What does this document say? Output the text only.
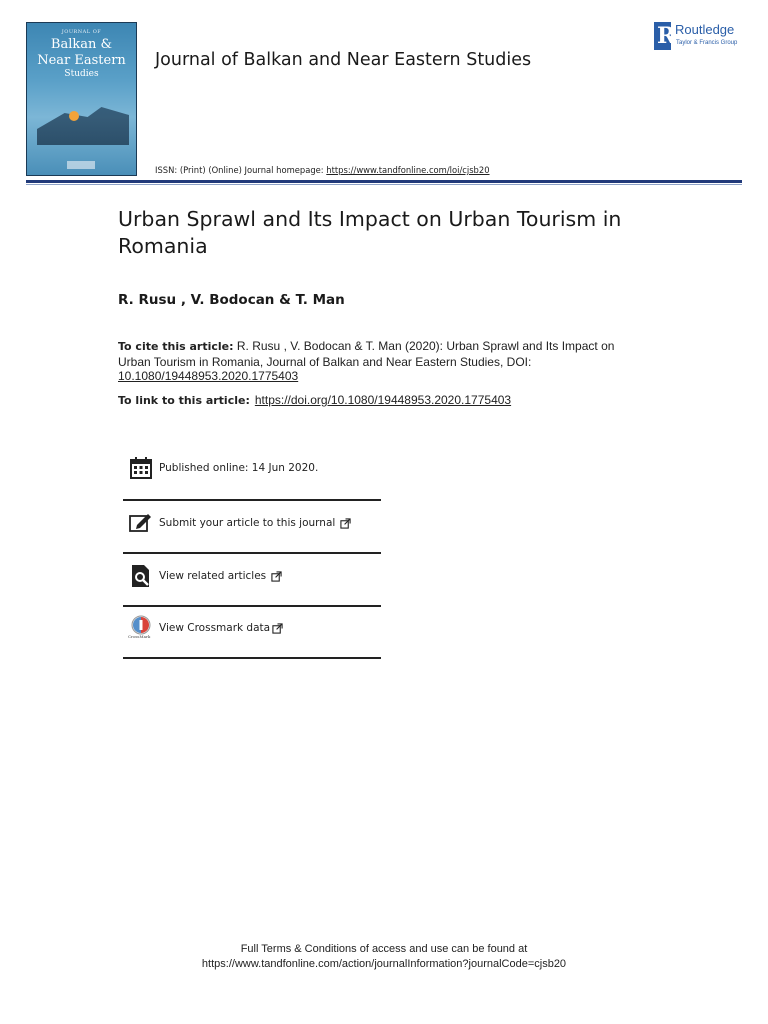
JOURNAL OF
Balkan &
Near Eastern
Studies
Journal of Balkan and Near Eastern Studies
ISSN: (Print) (Online) Journal homepage: https://www.tandfonline.com/loi/cjsb20
R Routledge
Taylor & Francis Group
Urban Sprawl and Its Impact on Urban Tourism in Romania
R. Rusu , V. Bodocan & T. Man
To cite this article: R. Rusu , V. Bodocan & T. Man (2020): Urban Sprawl and Its Impact on Urban Tourism in Romania, Journal of Balkan and Near Eastern Studies, DOI: 10.1080/19448953.2020.1775403
To link to this article: https://doi.org/10.1080/19448953.2020.1775403
Published online: 14 Jun 2020.
Submit your article to this journal
View related articles
View Crossmark data
CrossMark
Full Terms & Conditions of access and use can be found at
https://www.tandfonline.com/action/journalInformation?journalCode=cjsb20
